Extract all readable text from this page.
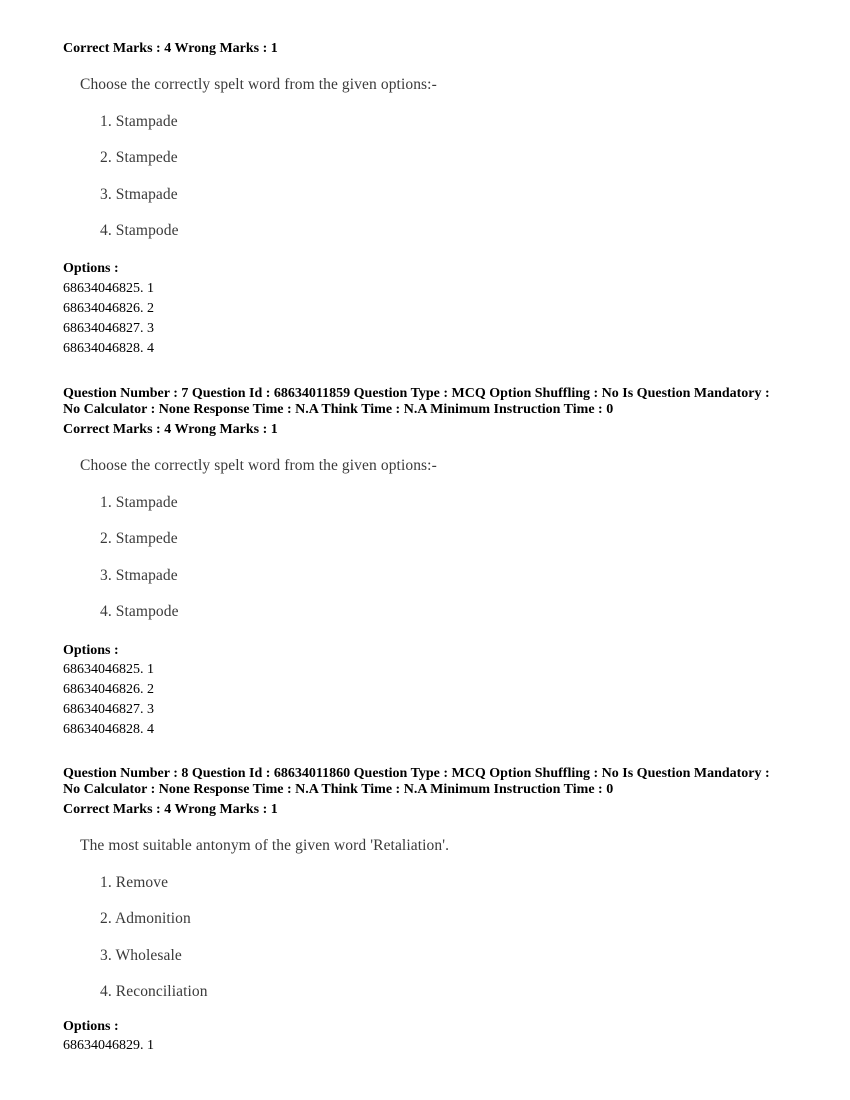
Correct Marks : 4 Wrong Marks : 1
Choose the correctly spelt word from the given options:-
1. Stampade
2. Stampede
3. Stmapade
4. Stampode
Options :
68634046825. 1
68634046826. 2
68634046827. 3
68634046828. 4
Question Number : 7 Question Id : 68634011859 Question Type : MCQ Option Shuffling : No Is Question Mandatory :
No Calculator : None Response Time : N.A Think Time : N.A Minimum Instruction Time : 0
Correct Marks : 4 Wrong Marks : 1
Choose the correctly spelt word from the given options:-
1. Stampade
2. Stampede
3. Stmapade
4. Stampode
Options :
68634046825. 1
68634046826. 2
68634046827. 3
68634046828. 4
Question Number : 8 Question Id : 68634011860 Question Type : MCQ Option Shuffling : No Is Question Mandatory :
No Calculator : None Response Time : N.A Think Time : N.A Minimum Instruction Time : 0
Correct Marks : 4 Wrong Marks : 1
The most suitable antonym of the given word 'Retaliation'.
1. Remove
2. Admonition
3. Wholesale
4. Reconciliation
Options :
68634046829. 1
